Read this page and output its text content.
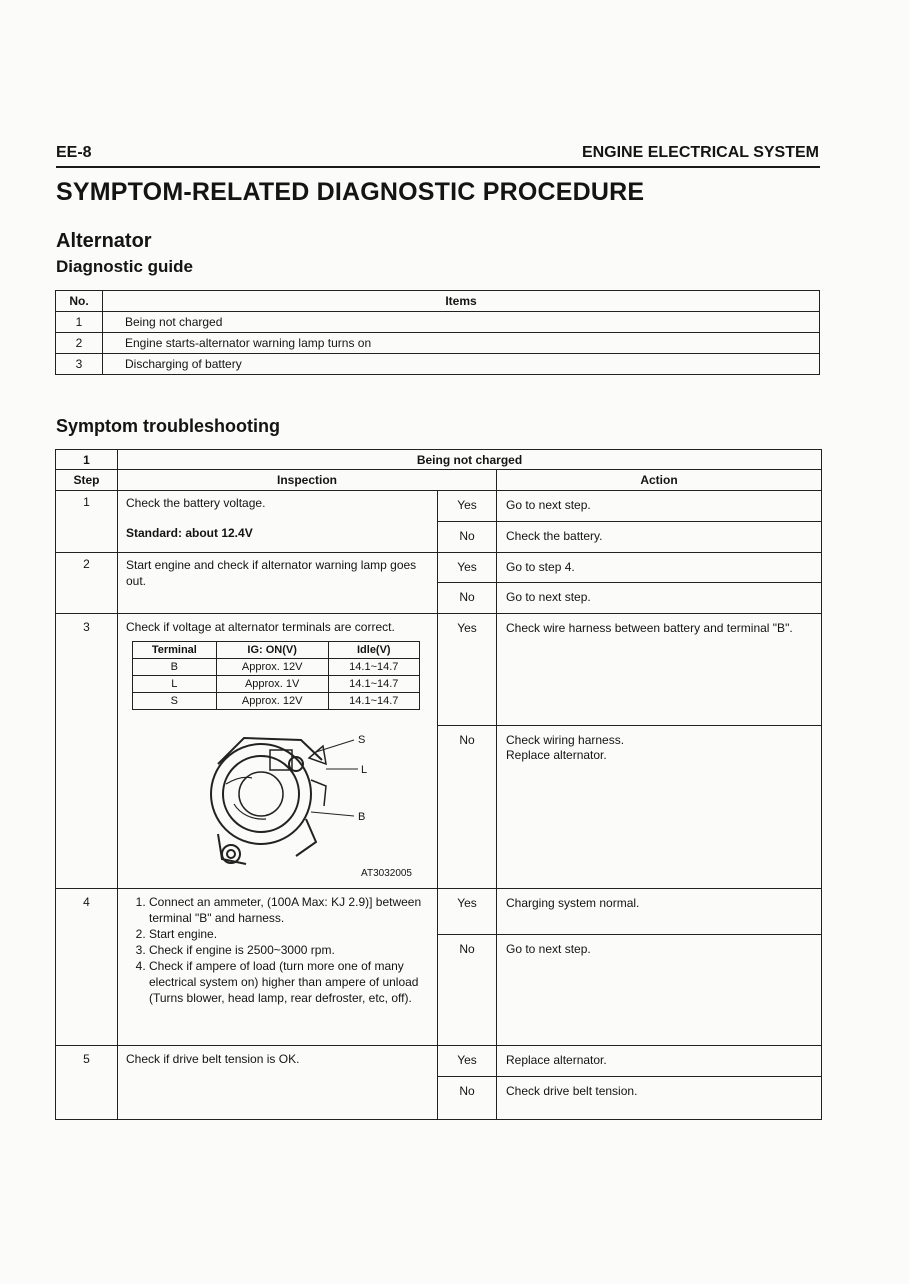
EE-8	ENGINE ELECTRICAL SYSTEM
SYMPTOM-RELATED DIAGNOSTIC PROCEDURE
Alternator
Diagnostic guide
No.	Items
1	Being not charged
2	Engine starts-alternator warning lamp turns on
3	Discharging of battery
Symptom troubleshooting
1	Being not charged
Step	Inspection	Action
1	Check the battery voltage.
Standard: about 12.4V
	Yes	Go to next step.
No	Check the battery.
2	Start engine and check if alternator warning lamp goes out.	Yes	Go to step 4.
No	Go to next step.
3	Check if voltage at alternator terminals are correct.
Terminal	IG: ON(V)	Idle(V)
B	Approx. 12V	14.1~14.7
L	Approx. 1V	14.1~14.7
S	Approx. 12V	14.1~14.7
S
L
B
AT3032005
	Yes	Check wire harness between battery and terminal "B".
No	Check wiring harness.
Replace alternator.

4	
1.Connect an ammeter, (100A Max: KJ 2.9)] between terminal "B" and harness.
2. Start engine.
3. Check if engine is 2500~3000 rpm.
4. Check if ampere of load (turn more one of many electrical system on) higher than ampere of unload (Turns blower, head lamp, rear defroster, etc, off).
	Yes	Charging system normal.
No	Go to next step.
5	Check if drive belt tension is OK.	Yes	Replace alternator.
No	Check drive belt tension.
